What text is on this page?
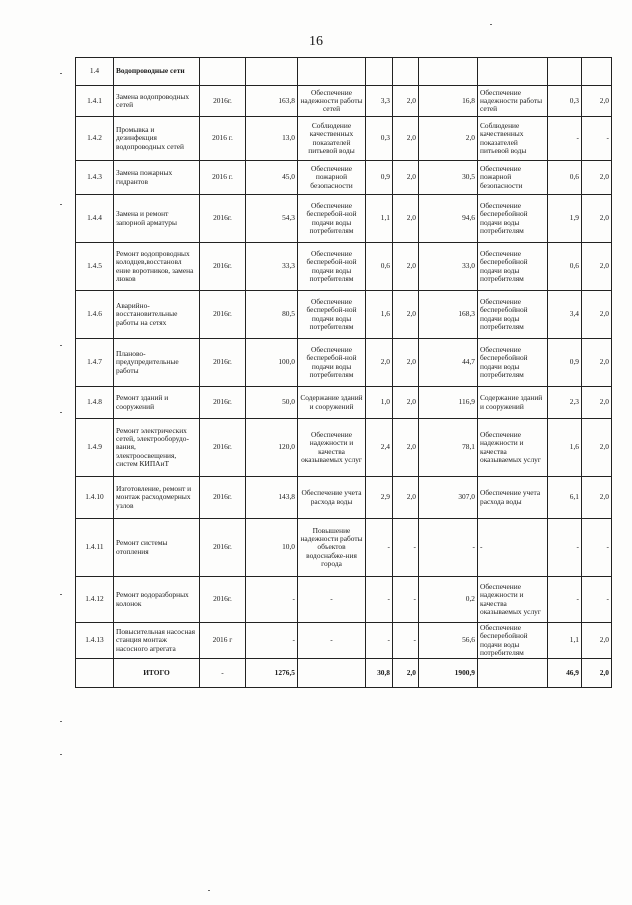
16
1.4	Водопроводные сети									
1.4.1	Замена водопроводных сетей	2016г.	163,8	Обеспечение надежности работы сетей	3,3	2,0	16,8	Обеспечение надежности работы сетей	0,3	2,0
1.4.2	Промывка и дезинфекция водопроводных сетей	2016 г.	13,0	Соблюдение качественных показателей питьевой воды	0,3	2,0	2,0	Соблюдение качественных показателей питьевой воды	-	-
1.4.3	Замена пожарных гидрантов	2016 г.	45,0	Обеспечение пожарной безопасности	0,9	2,0	30,5	Обеспечение пожарной безопасности	0,6	2,0
1.4.4	Замена и ремонт запорной арматуры	2016г.	54,3	Обеспечение бесперебой-ной подачи воды потребителям	1,1	2,0	94,6	Обеспечение бесперебойной подачи воды потребителям	1,9	2,0
1.4.5	Ремонт водопроводных колодцев,восстановл ение воротников, замена люков	2016г.	33,3	Обеспечение бесперебой-ной подачи воды потребителям	0,6	2,0	33,0	Обеспечение бесперебойной подачи воды потребителям	0,6	2,0
1.4.6	Аварийно-восстановительные работы на сетях	2016г.	80,5	Обеспечение бесперебой-ной подачи воды потребителям	1,6	2,0	168,3	Обеспечение бесперебойной подачи воды потребителям	3,4	2,0
1.4.7	Планово-предупредительные работы	2016г.	100,0	Обеспечение бесперебой-ной подачи воды потребителям	2,0	2,0	44,7	Обеспечение бесперебойной подачи воды потребителям	0,9	2,0
1.4.8	Ремонт зданий и сооружений	2016г.	50,0	Содержание зданий и сооружений	1,0	2,0	116,9	Содержание зданий и сооружений	2,3	2,0
1.4.9	Ремонт электрических сетей, электрооборудо-вания, электроосвещения, систем КИПАиТ	2016г.	120,0	Обеспечение надежности и качества оказываемых услуг	2,4	2,0	78,1	Обеспечение надежности и качества оказываемых услуг	1,6	2,0
1.4.10	Изготовление, ремонт и монтаж расходомерных узлов	2016г.	143,8	Обеспечение учета расхода воды	2,9	2,0	307,0	Обеспечение учета расхода воды	6,1	2,0
1.4.11	Ремонт системы отопления	2016г.	10,0	Повышение надежности работы объектов водоснабже-ния города	-	-	-	-	-	-
1.4.12	Ремонт водоразборных колонок	2016г.	-	-	-	-	0,2	Обеспечение надежности и качества оказываемых услуг	-	-
1.4.13	Повысительная насосная станция монтаж насосного агрегата	2016 г	-	-	-	-	56,6	Обеспечение бесперебойной подачи воды потребителям	1,1	2,0
	ИТОГО	-	1276,5		30,8	2,0	1900,9		46,9	2,0
